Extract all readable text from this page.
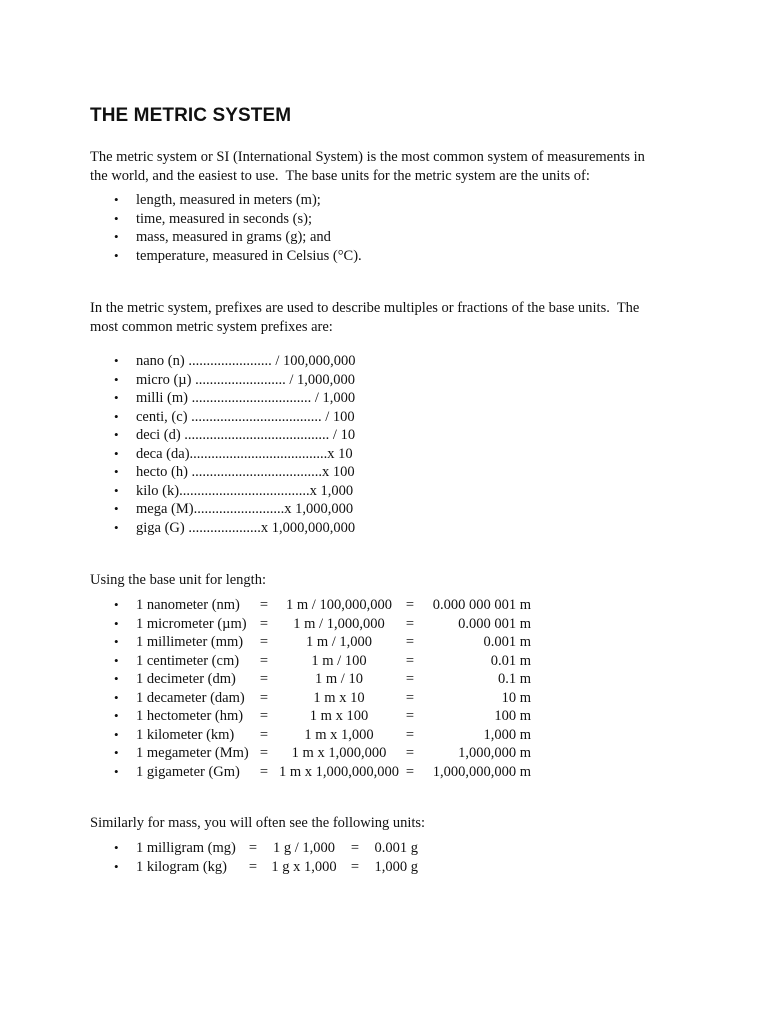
THE METRIC SYSTEM

The metric system or SI (International System) is the most common system of measurements in
the world, and the easiest to use.  The base units for the metric system are the units of:

• length, measured in meters (m);
• time, measured in seconds (s);
• mass, measured in grams (g); and
• temperature, measured in Celsius (°C).

In the metric system, prefixes are used to describe multiples or fractions of the base units.  The
most common metric system prefixes are:

• nano (n) ....................... / 100,000,000
• micro (µ) ......................... / 1,000,000
• milli (m) ................................. / 1,000
• centi, (c) .................................... / 100
• deci (d) ........................................ / 10
• deca (da)......................................x 10
• hecto (h) ....................................x 100
• kilo (k)....................................x 1,000
• mega (M).........................x 1,000,000
• giga (G) ....................x 1,000,000,000

Using the base unit for length:

• 1 nanometer (nm) =	1 m / 100,000,000 =	0.000 000 001 m
• 1 micrometer (µm) =	1 m / 1,000,000	=	0.000 001 m
• 1 millimeter (mm) =	1 m / 1,000	=	0.001 m
• 1 centimeter (cm) =	1 m / 100	=	0.01 m
• 1 decimeter (dm) =	1 m / 10	=	0.1 m
• 1 decameter (dam) =	1 m x 10	=	10 m
• 1 hectometer (hm) =	1 m x 100	=	100 m
• 1 kilometer (km) =	1 m x 1,000	=	1,000 m
• 1 megameter (Mm) =	1 m x 1,000,000	=	1,000,000 m
• 1 gigameter (Gm) = 1 m x 1,000,000,000 =	1,000,000,000 m

Similarly for mass, you will often see the following units:

• 1 milligram (mg) =	1 g / 1,000	=	0.001 g
• 1 kilogram (kg) = 1 g x 1,000 =	1,000 g
